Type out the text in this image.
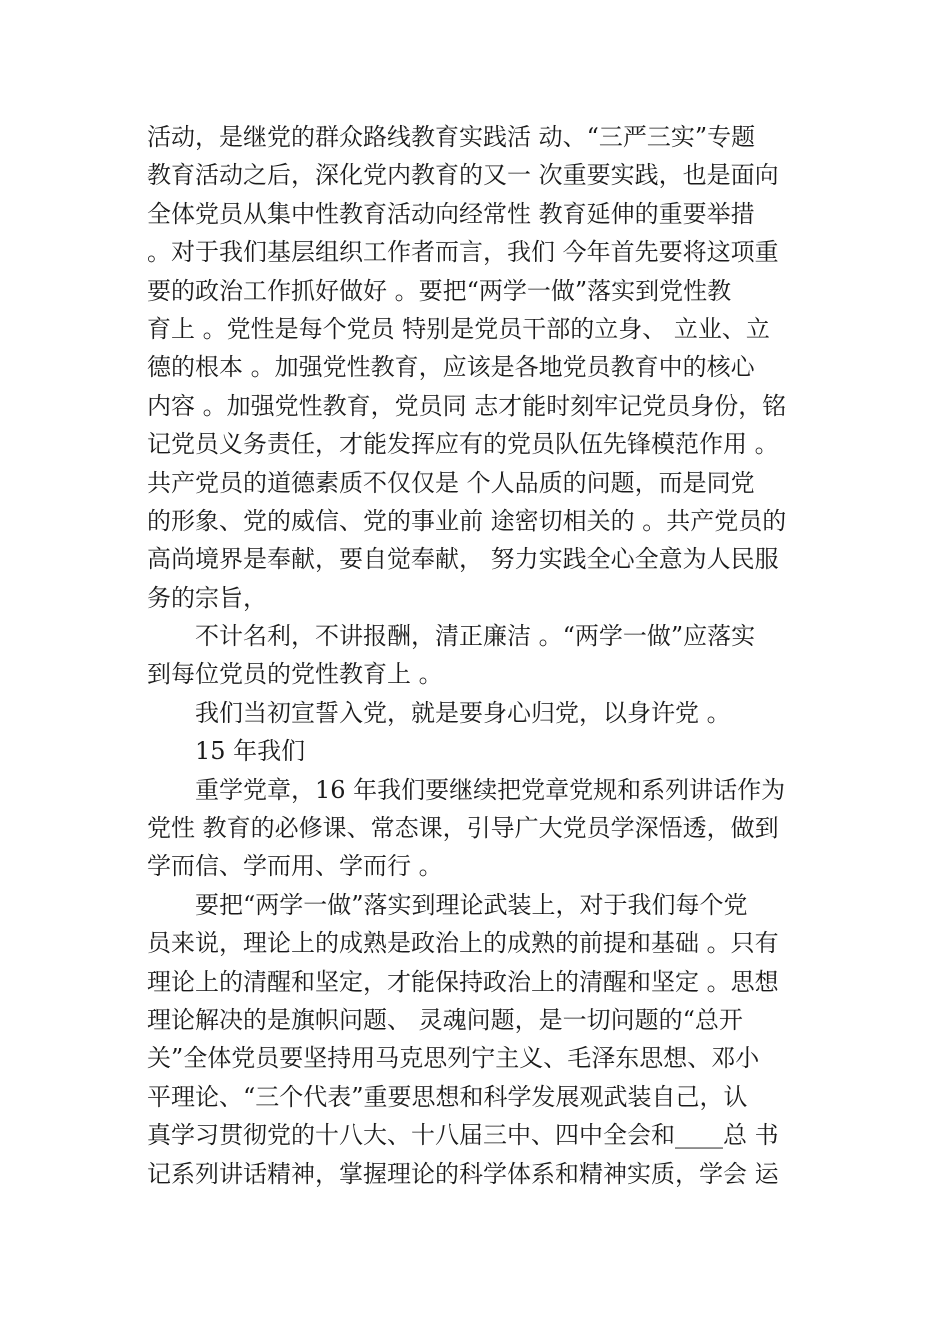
活动，是继党的群众路线教育实践活 动、“三严三实”专题
教育活动之后，深化党内教育的又一 次重要实践，也是面向
全体党员从集中性教育活动向经常性 教育延伸的重要举措
。对于我们基层组织工作者而言，我们 今年首先要将这项重
要的政治工作抓好做好 。要把“两学一做”落实到党性教
育上 。党性是每个党员 特别是党员干部的立身、 立业、立
德的根本 。加强党性教育，应该是各地党员教育中的核心
内容 。加强党性教育，党员同 志才能时刻牢记党员身份，铭
记党员义务责任，才能发挥应有的党员队伍先锋模范作用 。
共产党员的道德素质不仅仅是 个人品质的问题，而是同党
的形象、党的威信、党的事业前 途密切相关的 。共产党员的
高尚境界是奉献，要自觉奉献， 努力实践全心全意为人民服
务的宗旨，
不计名利，不讲报酬，清正廉洁 。“两学一做”应落实
到每位党员的党性教育上 。
我们当初宣誓入党，就是要身心归党，以身许党 。
15 年我们
重学党章，16 年我们要继续把党章党规和系列讲话作为
党性 教育的必修课、常态课，引导广大党员学深悟透，做到
学而信、学而用、学而行 。
要把“两学一做”落实到理论武装上，对于我们每个党
员来说，理论上的成熟是政治上的成熟的前提和基础 。只有
理论上的清醒和坚定，才能保持政治上的清醒和坚定 。思想
理论解决的是旗帜问题、 灵魂问题，是一切问题的“总开
关”全体党员要坚持用马克思列宁主义、毛泽东思想、邓小
平理论、“三个代表”重要思想和科学发展观武装自己，认
真学习贯彻党的十八大、十八届三中、四中全会和____总 书
记系列讲话精神，掌握理论的科学体系和精神实质，学会 运
